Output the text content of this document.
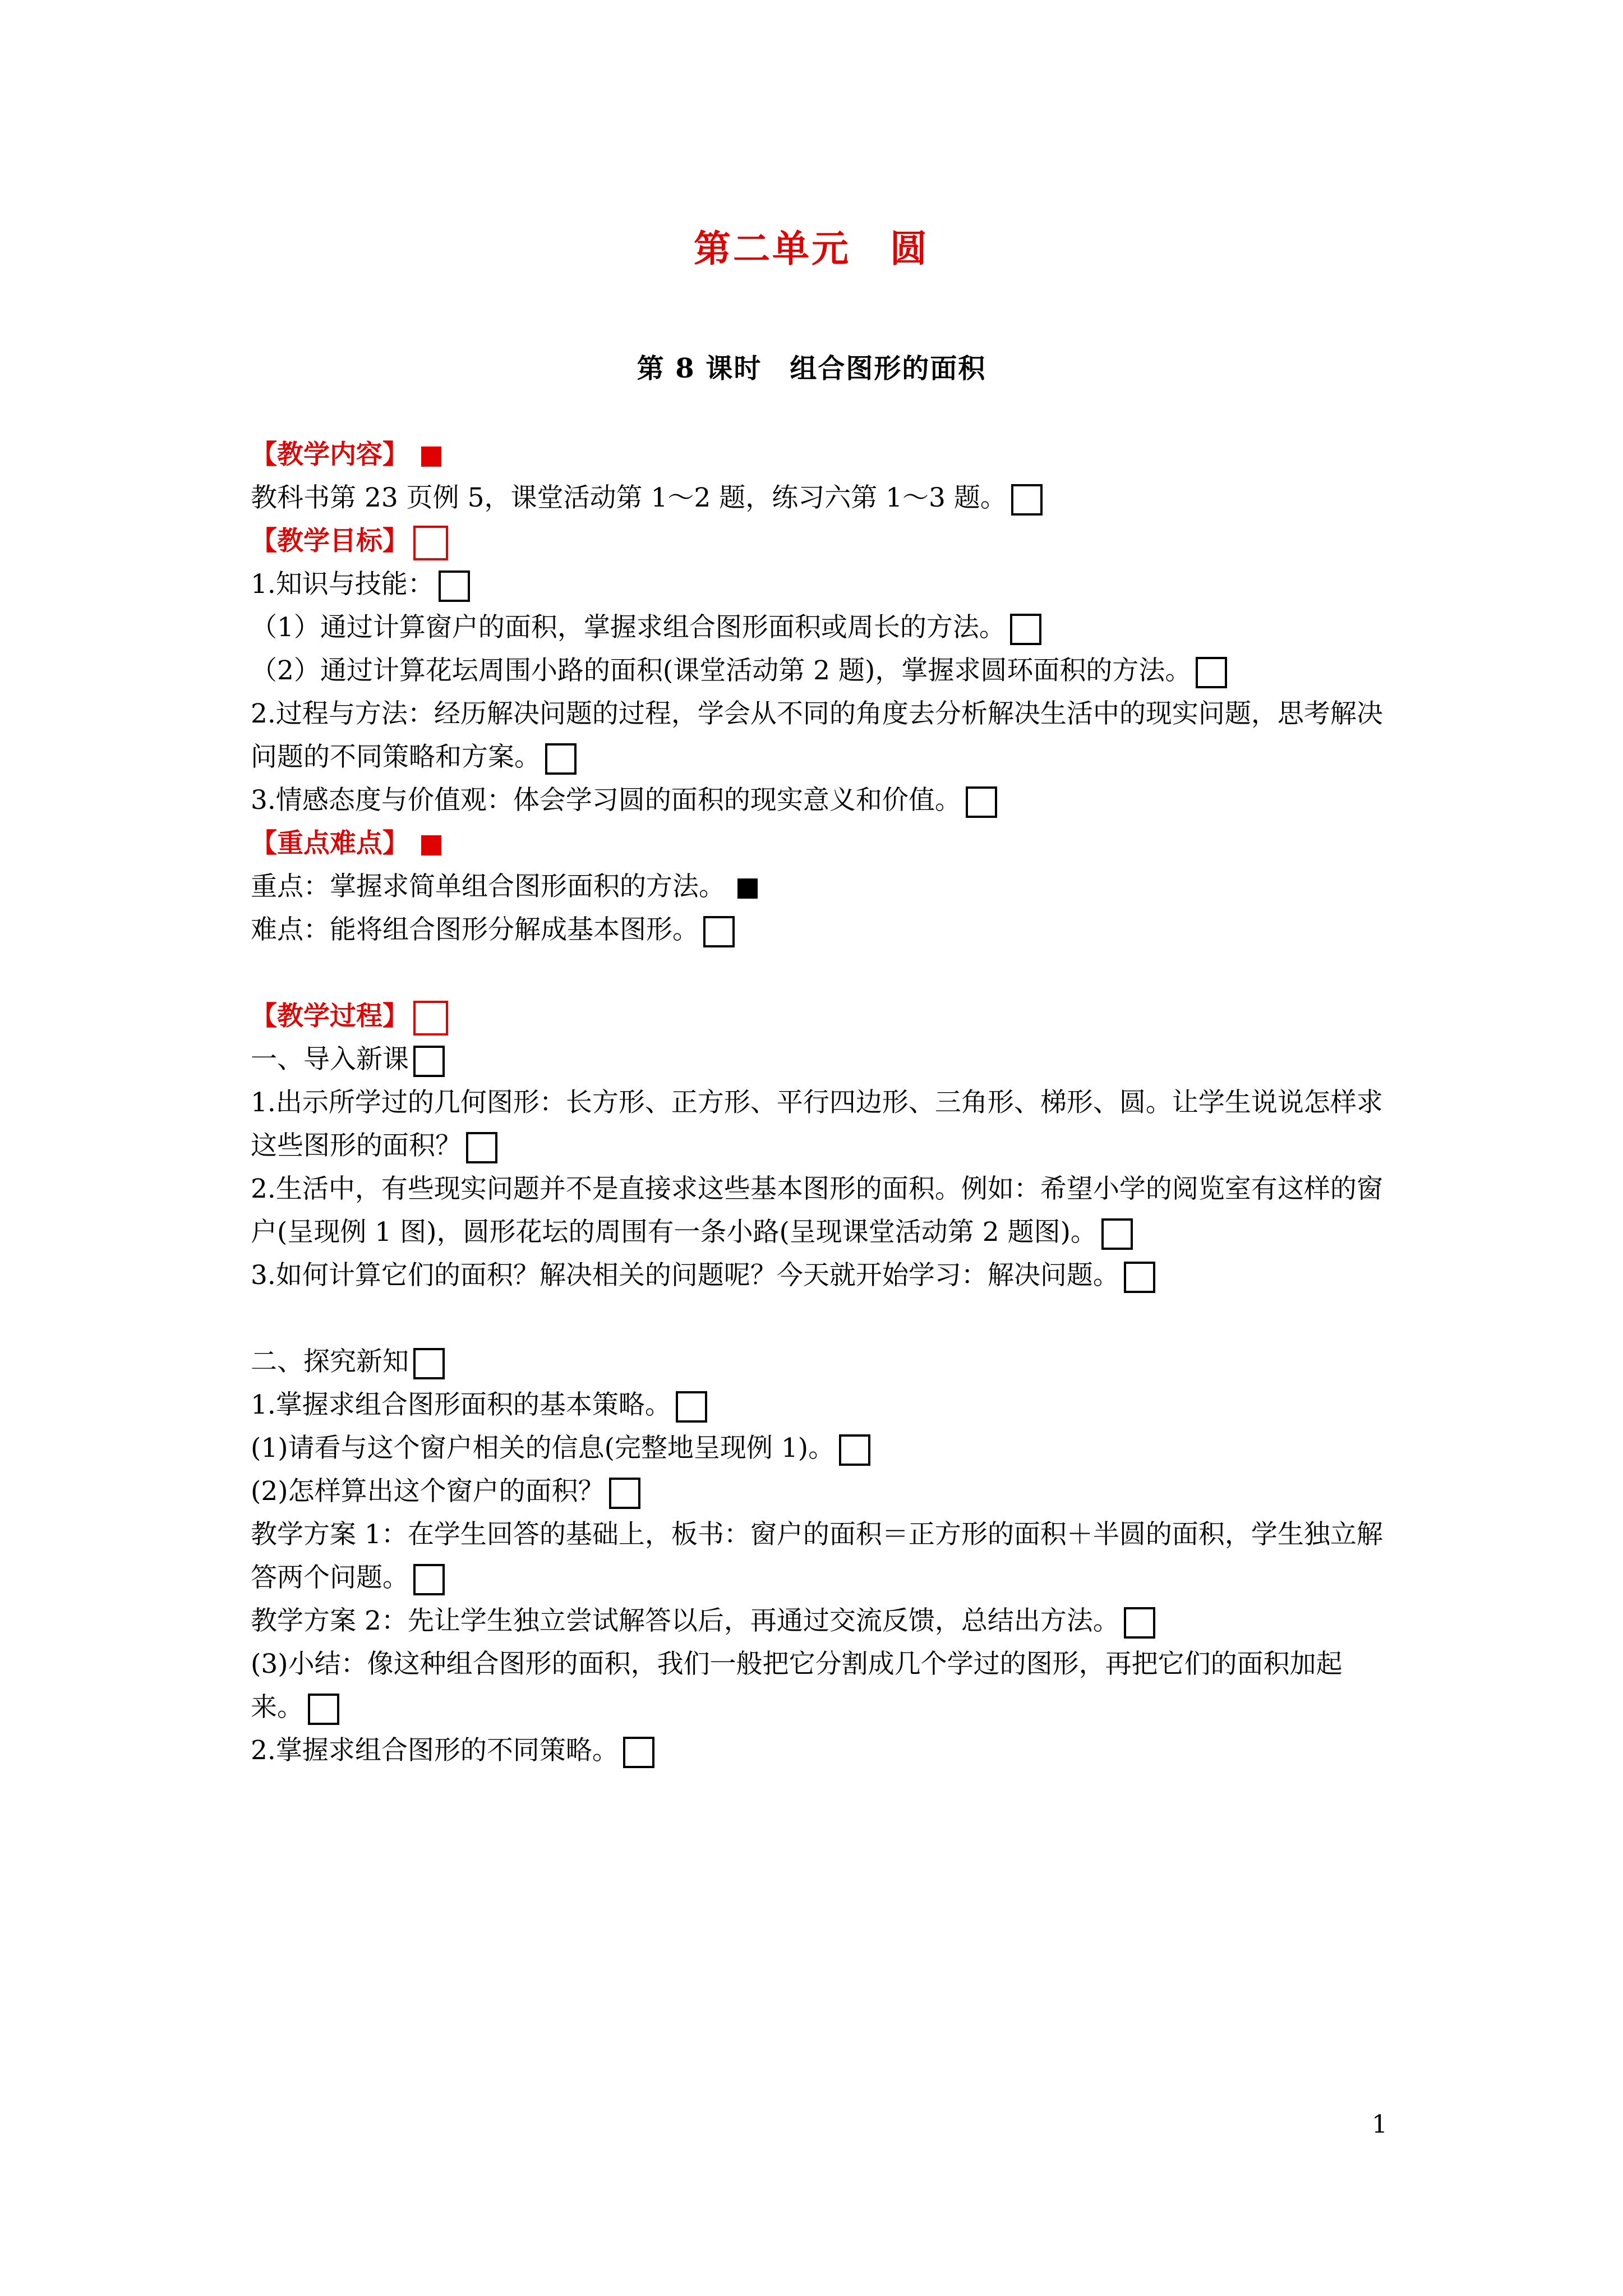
第二单元　圆
第 8 课时　组合图形的面积
【教学内容】
教科书第 23 页例 5，课堂活动第 1～2 题，练习六第 1～3 题。
【教学目标】
1.知识与技能：
（1）通过计算窗户的面积，掌握求组合图形面积或周长的方法。
（2）通过计算花坛周围小路的面积(课堂活动第 2 题)，掌握求圆环面积的方法。
2.过程与方法：经历解决问题的过程，学会从不同的角度去分析解决生活中的现实问题，思考解决问题的不同策略和方案。
3.情感态度与价值观：体会学习圆的面积的现实意义和价值。
【重点难点】
重点：掌握求简单组合图形面积的方法。
难点：能将组合图形分解成基本图形。
【教学过程】
一、导入新课
1.出示所学过的几何图形：长方形、正方形、平行四边形、三角形、梯形、圆。让学生说说怎样求这些图形的面积？
2.生活中，有些现实问题并不是直接求这些基本图形的面积。例如：希望小学的阅览室有这样的窗户(呈现例 1 图)，圆形花坛的周围有一条小路(呈现课堂活动第 2 题图)。
3.如何计算它们的面积？解决相关的问题呢？今天就开始学习：解决问题。
二、探究新知
1.掌握求组合图形面积的基本策略。
(1)请看与这个窗户相关的信息(完整地呈现例 1)。
(2)怎样算出这个窗户的面积？
教学方案 1：在学生回答的基础上，板书：窗户的面积＝正方形的面积＋半圆的面积，学生独立解答两个问题。
教学方案 2：先让学生独立尝试解答以后，再通过交流反馈，总结出方法。
(3)小结：像这种组合图形的面积，我们一般把它分割成几个学过的图形，再把它们的面积加起来。
2.掌握求组合图形的不同策略。
1
